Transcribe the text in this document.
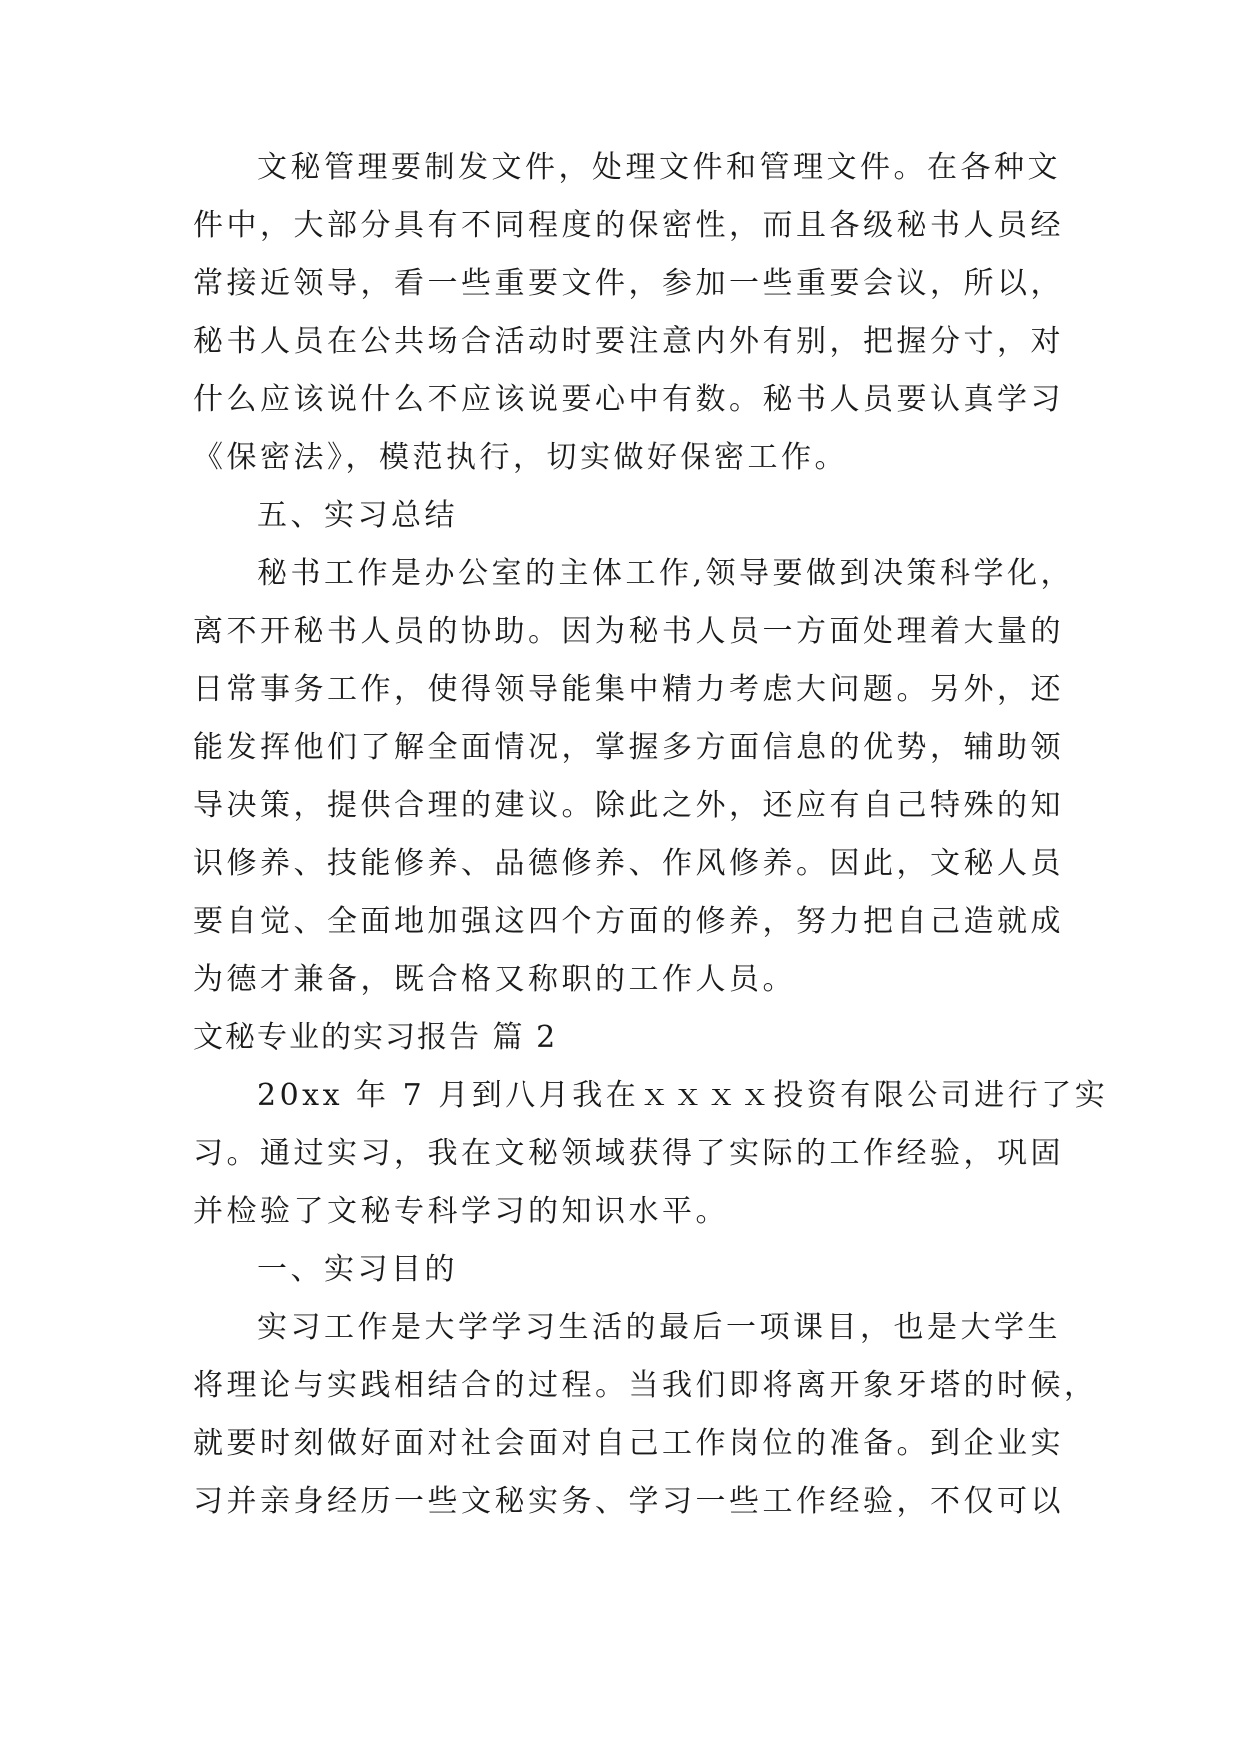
文秘管理要制发文件，处理文件和管理文件。在各种文
件中，大部分具有不同程度的保密性，而且各级秘书人员经
常接近领导，看一些重要文件，参加一些重要会议，所以，
秘书人员在公共场合活动时要注意内外有别，把握分寸，对
什么应该说什么不应该说要心中有数。秘书人员要认真学习
《保密法》，模范执行，切实做好保密工作。
五、实习总结
秘书工作是办公室的主体工作,领导要做到决策科学化，
离不开秘书人员的协助。因为秘书人员一方面处理着大量的
日常事务工作，使得领导能集中精力考虑大问题。另外，还
能发挥他们了解全面情况，掌握多方面信息的优势，辅助领
导决策，提供合理的建议。除此之外，还应有自己特殊的知
识修养、技能修养、品德修养、作风修养。因此，文秘人员
要自觉、全面地加强这四个方面的修养，努力把自己造就成
为德才兼备，既合格又称职的工作人员。
文秘专业的实习报告 篇 2
20xx 年 7 月到八月我在ｘｘｘｘ投资有限公司进行了实
习。通过实习，我在文秘领域获得了实际的工作经验，巩固
并检验了文秘专科学习的知识水平。
一、实习目的
实习工作是大学学习生活的最后一项课目，也是大学生
将理论与实践相结合的过程。当我们即将离开象牙塔的时候，
就要时刻做好面对社会面对自己工作岗位的准备。到企业实
习并亲身经历一些文秘实务、学习一些工作经验，不仅可以
